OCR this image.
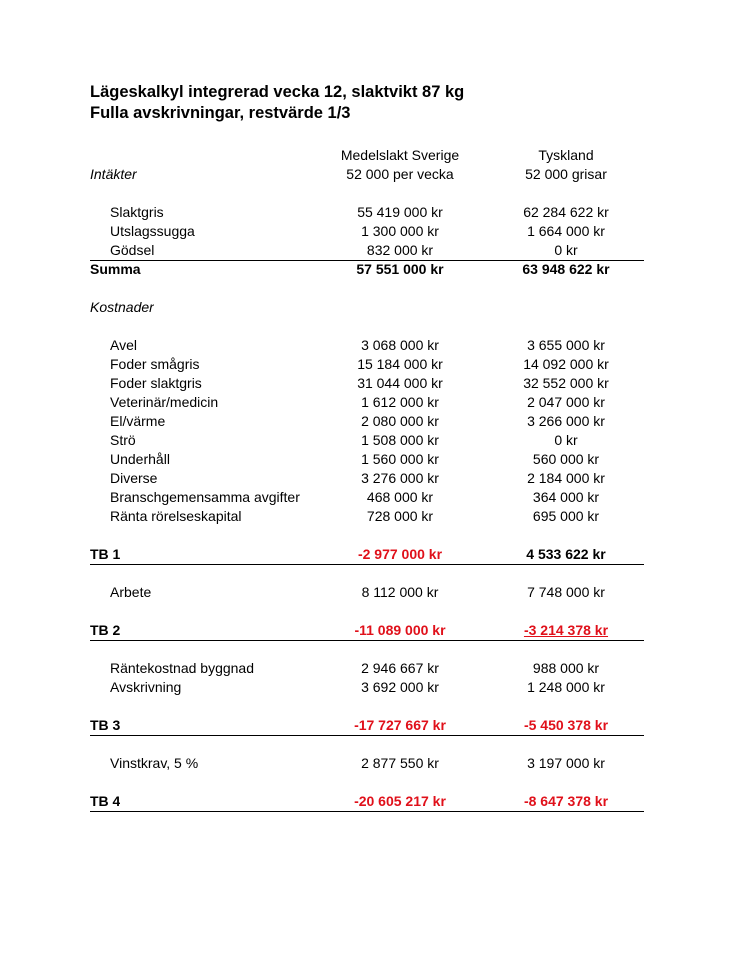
Lägeskalkyl integrerad vecka 12, slaktvikt 87 kg
Fulla avskrivningar, restvärde 1/3
Medelslakt Sverige	Tyskland
Intäkter	52 000 per vecka	52 000 grisar
Slaktgris	55 419 000 kr	62 284 622 kr
Utslagssugga	1 300 000 kr	1 664 000 kr
Gödsel	832 000 kr	0 kr
Summa	57 551 000 kr	63 948 622 kr
Kostnader
Avel	3 068 000 kr	3 655 000 kr
Foder smågris	15 184 000 kr	14 092 000 kr
Foder slaktgris	31 044 000 kr	32 552 000 kr
Veterinär/medicin	1 612 000 kr	2 047 000 kr
El/värme	2 080 000 kr	3 266 000 kr
Strö	1 508 000 kr	0 kr
Underhåll	1 560 000 kr	560 000 kr
Diverse	3 276 000 kr	2 184 000 kr
Branschgemensamma avgifter	468 000 kr	364 000 kr
Ränta rörelseskapital	728 000 kr	695 000 kr
TB 1	-2 977 000 kr	4 533 622 kr
Arbete	8 112 000 kr	7 748 000 kr
TB 2	-11 089 000 kr	-3 214 378 kr
Räntekostnad byggnad	2 946 667 kr	988 000 kr
Avskrivning	3 692 000 kr	1 248 000 kr
TB 3	-17 727 667 kr	-5 450 378 kr
Vinstkrav, 5 %	2 877 550 kr	3 197 000 kr
TB 4	-20 605 217 kr	-8 647 378 kr
